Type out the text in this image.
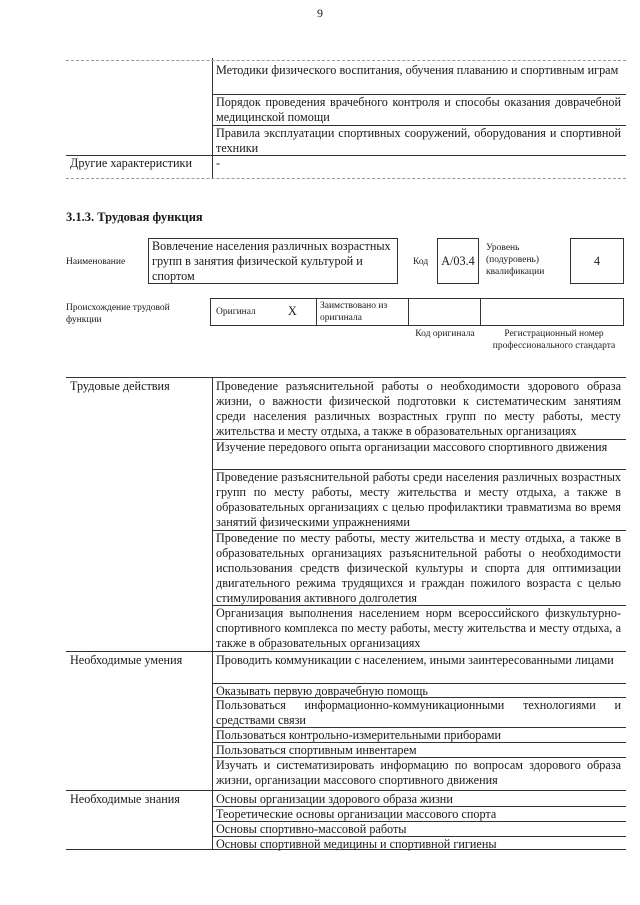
9
Методики физического воспитания, обучения плаванию и спортивным играм
Порядок проведения врачебного контроля и способы оказания доврачебной медицинской помощи
Правила эксплуатации спортивных сооружений, оборудования и спортивной техники
Другие характеристики -
3.1.3. Трудовая функция
Наименование
Вовлечение населения различных возрастных групп в занятия физической культурой и спортом
Код	A/03.4
Уровень (подуровень) квалификации
4
Происхождение трудовой функции
Оригинал	X Заимствовано из оригинала
Код оригинала	Регистрационный номер профессионального стандарта
Трудовые действия	Проведение разъяснительной работы о необходимости здорового образа жизни, о важности физической подготовки к систематическим занятиям среди населения различных возрастных групп по месту работы, месту жительства и месту отдыха, а также в образовательных организациях
Изучение передового опыта организации массового спортивного движения
Проведение разъяснительной работы среди населения различных возрастных групп по месту работы, месту жительства и месту отдыха, а также в образовательных организациях с целью профилактики травматизма во время занятий физическими упражнениями
Проведение по месту работы, месту жительства и месту отдыха, а также в образовательных организациях разъяснительной работы о необходимости использования средств физической культуры и спорта для оптимизации двигательного режима трудящихся и граждан пожилого возраста с целью стимулирования активного долголетия
Организация выполнения населением норм всероссийского физкультурно-спортивного комплекса по месту работы, месту жительства и месту отдыха, а также в образовательных организациях
Необходимые умения	Проводить коммуникации с населением, иными заинтересованными лицами
Оказывать первую доврачебную помощь
Пользоваться информационно-коммуникационными технологиями и средствами связи
Пользоваться контрольно-измерительными приборами
Пользоваться спортивным инвентарем
Изучать и систематизировать информацию по вопросам здорового образа жизни, организации массового спортивного движения
Необходимые знания	Основы организации здорового образа жизни
Теоретические основы организации массового спорта
Основы спортивно-массовой работы
Основы спортивной медицины и спортивной гигиены
